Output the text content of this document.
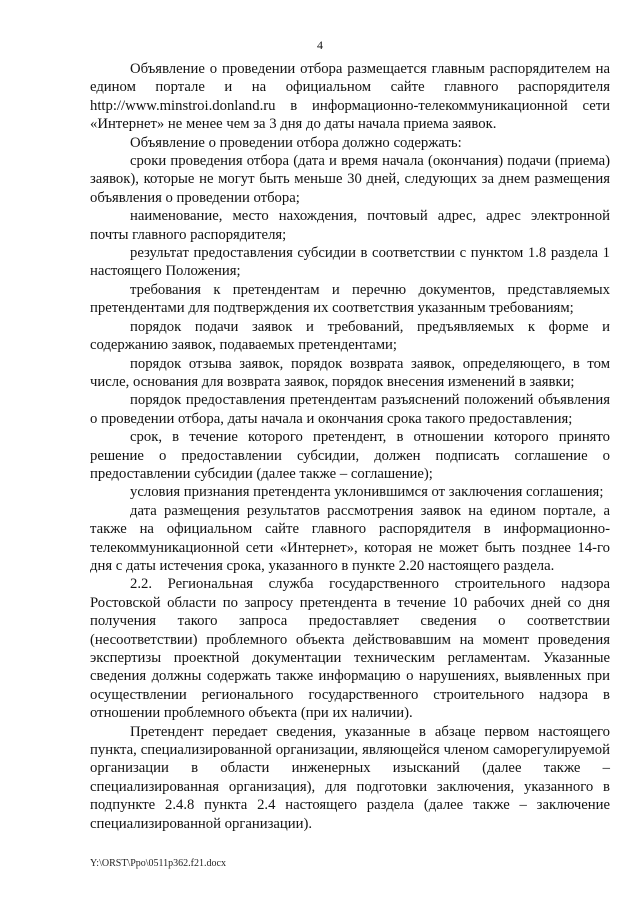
4

Объявление о проведении отбора размещается главным распорядителем на едином портале и на официальном сайте главного распорядителя http://www.minstroi.donland.ru в информационно-телекоммуникационной сети «Интернет» не менее чем за 3 дня до даты начала приема заявок.

Объявление о проведении отбора должно содержать:

сроки проведения отбора (дата и время начала (окончания) подачи (приема) заявок), которые не могут быть меньше 30 дней, следующих за днем размещения объявления о проведении отбора;

наименование, место нахождения, почтовый адрес, адрес электронной почты главного распорядителя;

результат предоставления субсидии в соответствии с пунктом 1.8 раздела 1 настоящего Положения;

требования к претендентам и перечню документов, представляемых претендентами для подтверждения их соответствия указанным требованиям;

порядок подачи заявок и требований, предъявляемых к форме и содержанию заявок, подаваемых претендентами;

порядок отзыва заявок, порядок возврата заявок, определяющего, в том числе, основания для возврата заявок, порядок внесения изменений в заявки;

порядок предоставления претендентам разъяснений положений объявления о проведении отбора, даты начала и окончания срока такого предоставления;

срок, в течение которого претендент, в отношении которого принято решение о предоставлении субсидии, должен подписать соглашение о предоставлении субсидии (далее также – соглашение);

условия признания претендента уклонившимся от заключения соглашения;

дата размещения результатов рассмотрения заявок на едином портале, а также на официальном сайте главного распорядителя в информационно-телекоммуникационной сети «Интернет», которая не может быть позднее 14-го дня с даты истечения срока, указанного в пункте 2.20 настоящего раздела.

2.2. Региональная служба государственного строительного надзора Ростовской области по запросу претендента в течение 10 рабочих дней со дня получения такого запроса предоставляет сведения о соответствии (несоответствии) проблемного объекта действовавшим на момент проведения экспертизы проектной документации техническим регламентам. Указанные сведения должны содержать также информацию о нарушениях, выявленных при осуществлении регионального государственного строительного надзора в отношении проблемного объекта (при их наличии).

Претендент передает сведения, указанные в абзаце первом настоящего пункта, специализированной организации, являющейся членом саморегулируемой организации в области инженерных изысканий (далее также – специализированная организация), для подготовки заключения, указанного в подпункте 2.4.8 пункта 2.4 настоящего раздела (далее также – заключение специализированной организации).

Y:\ORST\Ppo\0511p362.f21.docx
